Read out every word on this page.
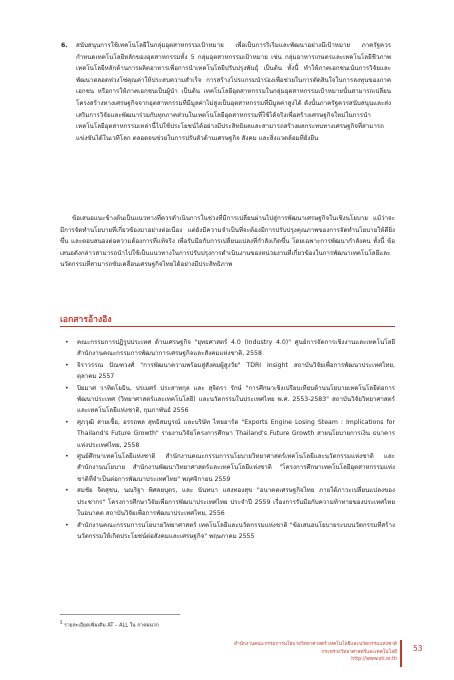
6. สนับสนุนการใช้เทคโนโลยีในกลุ่มอุตสาหกรรมเป้าหมาย เพื่อเป็นการริเริ่มและพัฒนาอย่างมีเป้าหมาย ภาครัฐควรกำหนดเทคโนโลยีหลักของอุตสาหกรรมทั้ง 5 กลุ่มอุตสาหกรรมเป้าหมาย เช่น กลุ่มอาหารเกษตรและเทคโนโลยีชีวภาพ เทคโนโลยีหลักด้านการผลิตอาหารเพื่อการนำเทคโนโลยีปรับปรุงพันธุ์ เป็นต้น ทั้งนี้ ทำให้ภาคเอกชนเน้นการวิจัยและพัฒนาตลอดห่วงโซ่คุณค่าให้ประสบความสำเร็จ การสร้างโปรแกรมนำร่องเพื่อช่วยในการตัดสินใจในการลงทุนของภาคเอกชน หรือการให้ภาคเอกชนเป็นผู้นำ เป็นต้น เทคโนโลยีอุตสาหกรรมในกลุ่มอุตสาหกรรมเป้าหมายนั้นสามารถเปลี่ยนโครงสร้างทางเศรษฐกิจจากอุตสาหกรรมที่มีมูลค่าไม่สูงเป็นอุตสาหกรรมที่มีมูลค่าสูงได้ ดังนั้นภาครัฐควรสนับสนุนและส่งเสริมการวิจัยและพัฒนาร่วมกับทุกภาคส่วนในเทคโนโลยีอุตสาหกรรมที่ใช้ได้จริงเพื่อสร้างเศรษฐกิจใหม่ในการนำเทคโนโลยีอุตสาหกรรมเหล่านี้ไปใช้ประโยชน์ได้อย่างมีประสิทธิผลและสามารถสร้างผลกระทบทางเศรษฐกิจที่สามารถแข่งขันได้ในเวทีโลก ตลอดจนช่วยในการปรับตัวด้านเศรษฐกิจ สังคม และสิ่งแวดล้อมที่ยั่งยืน
ข้อเสนอแนะข้างต้นเป็นแนวทางที่ควรดำเนินการในช่วงที่มีการเปลี่ยนผ่านไปสู่การพัฒนาเศรษฐกิจในเชิงนโยบาย แม้ว่าจะมีการจัดทำนโยบายที่เกี่ยวข้องมาอย่างต่อเนื่อง แต่ยังมีความจำเป็นที่จะต้องมีการปรับปรุงคุณภาพของการจัดทำนโยบายให้ดียิ่งขึ้น และตอบสนองต่อความต้องการที่แท้จริง เพื่อรับมือกับการเปลี่ยนแปลงที่กำลังเกิดขึ้น โดยเฉพาะการพัฒนากำลังคน ทั้งนี้ ข้อเสนอดังกล่าวสามารถนำไปใช้เป็นแนวทางในการปรับปรุงการดำเนินงานของหน่วยงานที่เกี่ยวข้องในการพัฒนาเทคโนโลยีและนวัตกรรมที่สามารถขับเคลื่อนเศรษฐกิจไทยได้อย่างมีประสิทธิภาพ
เอกสารอ้างอิง
• คณะกรรมการปฏิรูปประเทศ ด้านเศรษฐกิจ "ยุทธศาสตร์ 4.0 (Industry 4.0)" ศูนย์การจัดการเชิงงานและเทคโนโลยี สำนักงานคณะกรรมการพัฒนาการเศรษฐกิจและสังคมแห่งชาติ, 2558
• จิราวรรณ ปัณฑวงศ์ "การพัฒนาความพร้อมสู่สังคมผู้สูงวัย" TDRI Insight สถาบันวิจัยเพื่อการพัฒนาประเทศไทย, ตุลาคม 2557
• ปิยมาศ วาทิตโยธิน, ปรเมศร์ ประสาทกุล และ สุจิตรา รักษ์ "การศึกษาเชิงเปรียบเทียบด้านนโยบายเทคโนโลยีต่อการพัฒนาประเทศ (วิทยาศาสตร์และเทคโนโลยี) และนวัตกรรมในประเทศไทย พ.ศ. 2553-2583" สถาบันวิจัยวิทยาศาสตร์และเทคโนโลยีแห่งชาติ, กุมภาพันธ์ 2556
• ศุภวุฒิ สายเชื้อ, อรรถพล สุทธิสมบูรณ์ และบริษัท ไทยอาร์ต "Exports Engine Losing Steam : Implications for Thailand's Future Growth" รายงานวิจัยโครงการศึกษา Thailand's Future Growth สายนโยบายการเงิน ธนาคารแห่งประเทศไทย, 2558
• ศูนย์ศึกษาเทคโนโลยีแห่งชาติ สำนักงานคณะกรรมการนโยบายวิทยาศาสตร์เทคโนโลยีและนวัตกรรมแห่งชาติ และ สำนักงานนโยบาย สำนักงานพัฒนาวิทยาศาสตร์และเทคโนโลยีแห่งชาติ "โครงการศึกษาเทคโนโลยีอุตสาหกรรมแห่งชาติที่จำเป็นต่อการพัฒนาประเทศไทย" พฤศจิกายน 2559
• สมชัย จิตสุชน, นณริฐา พิศลยบุตร, และ นันทนา แสงทองสุข "อนาคตเศรษฐกิจไทย ภายใต้ภาวะเปลี่ยนแปลงของประชากร" โครงการศึกษาวิจัยเพื่อการพัฒนาประเทศไทย ประจำปี 2559 เรื่องการรับมือกับความท้าทายของประเทศไทยในอนาคต สถาบันวิจัยเพื่อการพัฒนาประเทศไทย, 2556
• สำนักงานคณะกรรมการนโยบายวิทยาศาสตร์ เทคโนโลยีและนวัตกรรมแห่งชาติ "ข้อเสนอนโยบายระบบนวัตกรรมที่สร้างนวัตกรรมให้เกิดประโยชน์ต่อสังคมและเศรษฐกิจ" พฤษภาคม 2555
$^5$ รายละเอียดเพิ่มเติม AT – ALL ใน ภาคผนวก
สำนักงานคณะกรรมการนโยบายวิทยาศาสตร์ เทคโนโลยีและนวัตกรรมแห่งชาติ
กระทรวงวิทยาศาสตร์และเทคโนโลยี
http://www.sti.or.th
53
